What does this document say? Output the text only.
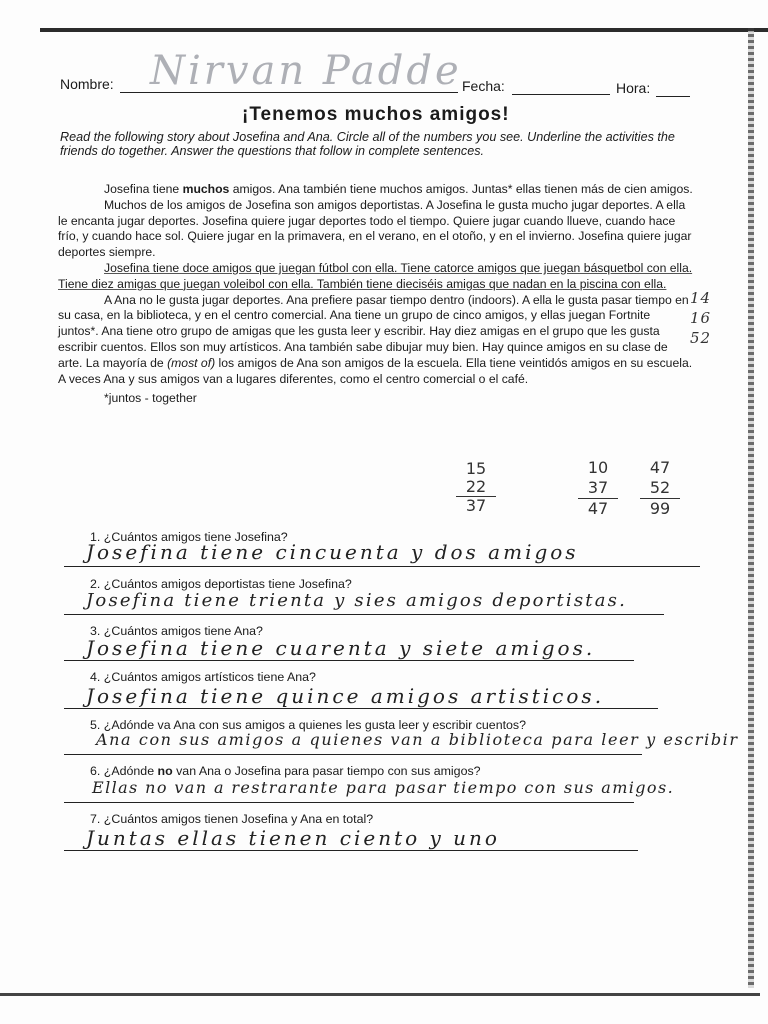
Nombre: Nirvan Padde Fecha:	Hora:
¡Tenemos muchos amigos!
Read the following story about Josefina and Ana. Circle all of the numbers you see. Underline the activities the friends do together. Answer the questions that follow in complete sentences.

Josefina tiene muchos amigos. Ana también tiene muchos amigos. Juntas* ellas tienen más de cien amigos.

Muchos de los amigos de Josefina son amigos deportistas. A Josefina le gusta mucho jugar deportes. A ella le encanta jugar deportes. Josefina quiere jugar deportes todo el tiempo. Quiere jugar cuando llueve, cuando hace frío, y cuando hace sol. Quiere jugar en la primavera, en el verano, en el otoño, y en el invierno. Josefina quiere jugar deportes siempre.

Josefina tiene doce amigos que juegan fútbol con ella. Tiene catorce amigos que juegan básquetbol con ella. Tiene diez amigas que juegan voleibol con ella. También tiene dieciséis amigas que nadan en la piscina con ella.

A Ana no le gusta jugar deportes. Ana prefiere pasar tiempo dentro (indoors). A ella le gusta pasar tiempo en su casa, en la biblioteca, y en el centro comercial. Ana tiene un grupo de cinco amigos, y ellas juegan Fortnite juntos*. Ana tiene otro grupo de amigas que les gusta leer y escribir. Hay diez amigas en el grupo que les gusta escribir cuentos. Ellos son muy artísticos. Ana también sabe dibujar muy bien. Hay quince amigos en su clase de arte. La mayoría de (most of) los amigos de Ana son amigos de la escuela. Ella tiene veintidós amigos en su escuela. A veces Ana y sus amigos van a lugares diferentes, como el centro comercial o el café.

*juntos - together

14 16 52
15
22
37
10
37
47
47
52
99
1. ¿Cuántos amigos tiene Josefina?
Josefina tiene cincuenta y dos amigos
2. ¿Cuántos amigos deportistas tiene Josefina?
Josefina tiene trienta y sies amigos deportistas.
3. ¿Cuántos amigos tiene Ana?
Josefina tiene cuarenta y siete amigos.
4. ¿Cuántos amigos artísticos tiene Ana?
Josefina tiene quince amigos artisticos.
5. ¿Adónde va Ana con sus amigos a quienes les gusta leer y escribir cuentos?
Ana con sus amigos a quienes van a biblioteca para leer y escribir
6. ¿Adónde no van Ana o Josefina para pasar tiempo con sus amigos?
Ellas no van a restrarante para pasar tiempo con sus amigos.
7. ¿Cuántos amigos tienen Josefina y Ana en total?
Juntas ellas tienen ciento y uno
